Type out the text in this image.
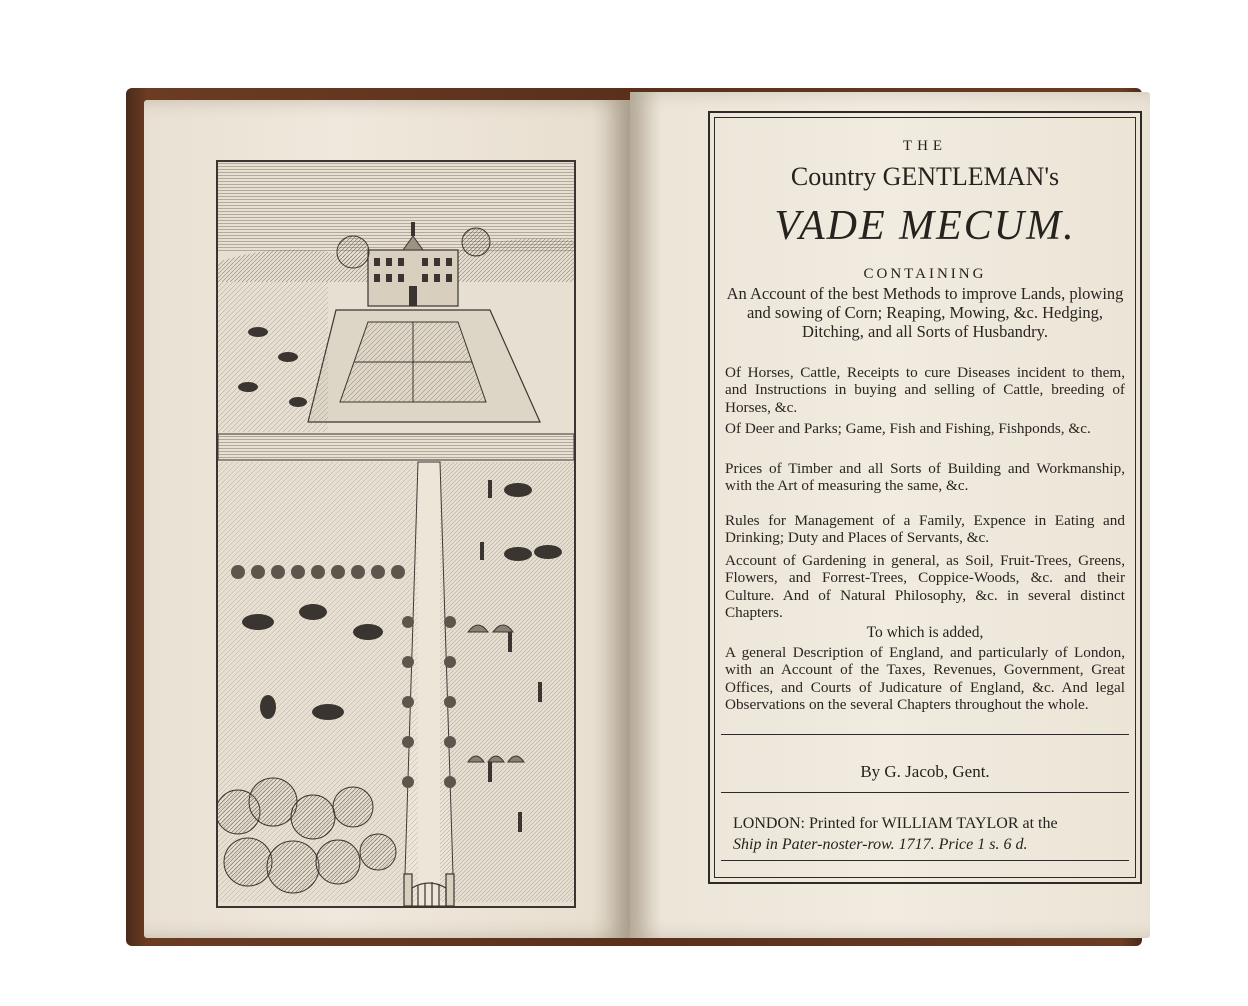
THE
Country GENTLEMAN's
VADE MECUM.
CONTAINING
An Account of the best Methods to improve Lands, plowing and sowing of Corn; Reaping, Mowing, &c. Hedging, Ditching, and all Sorts of Husbandry.
Of Horses, Cattle, Receipts to cure Diseases incident to them, and Instructions in buying and selling of Cattle, breeding of Horses, &c.
Of Deer and Parks; Game, Fish and Fishing, Fishponds, &c.
Prices of Timber and all Sorts of Building and Workmanship, with the Art of measuring the same, &c.
Rules for Management of a Family, Expence in Eating and Drinking; Duty and Places of Servants, &c.
Account of Gardening in general, as Soil, Fruit-Trees, Greens, Flowers, and Forrest-Trees, Coppice-Woods, &c. and their Culture. And of Natural Philosophy, &c. in several distinct Chapters.
To which is added,
A general Description of England, and particularly of London, with an Account of the Taxes, Revenues, Government, Great Offices, and Courts of Judicature of England, &c. And legal Observations on the several Chapters throughout the whole.
By G. Jacob, Gent.
LONDON: Printed for WILLIAM TAYLOR at the
Ship in Pater-noster-row. 1717. Price 1 s. 6 d.
